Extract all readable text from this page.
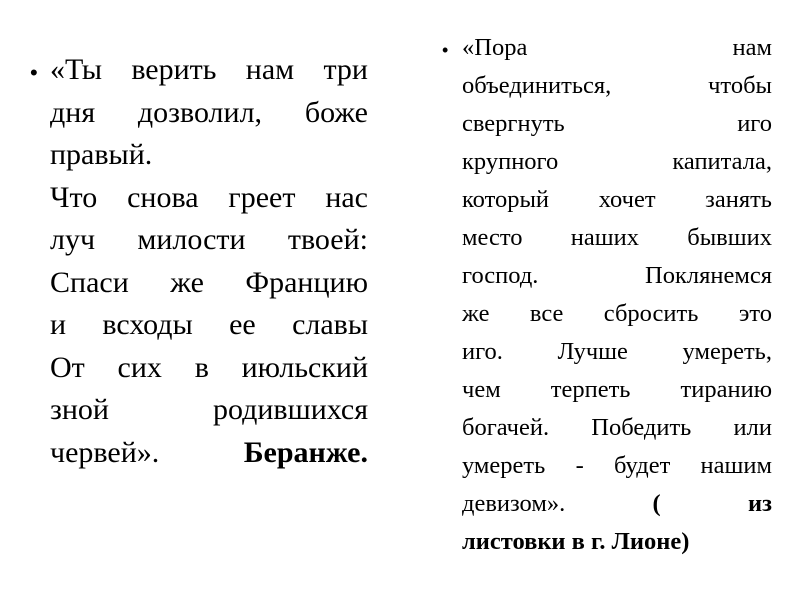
• «Ты верить нам три
дня дозволил, боже
правый.
Что снова греет нас
луч милости твоей:
Спаси же Францию
и всходы ее славы
От сих в июльский
зной	родившихся
червей».	Беранже.
• «Пора	нам
объединиться,	чтобы
свергнуть	иго
крупного	капитала,
который хочет занять
место наших бывших
господ.	Поклянемся
же все сбросить это
иго. Лучше умереть,
чем терпеть тиранию
богачей. Победить или
умереть - будет нашим
девизом».	(	из
листовки в г. Лионе)
